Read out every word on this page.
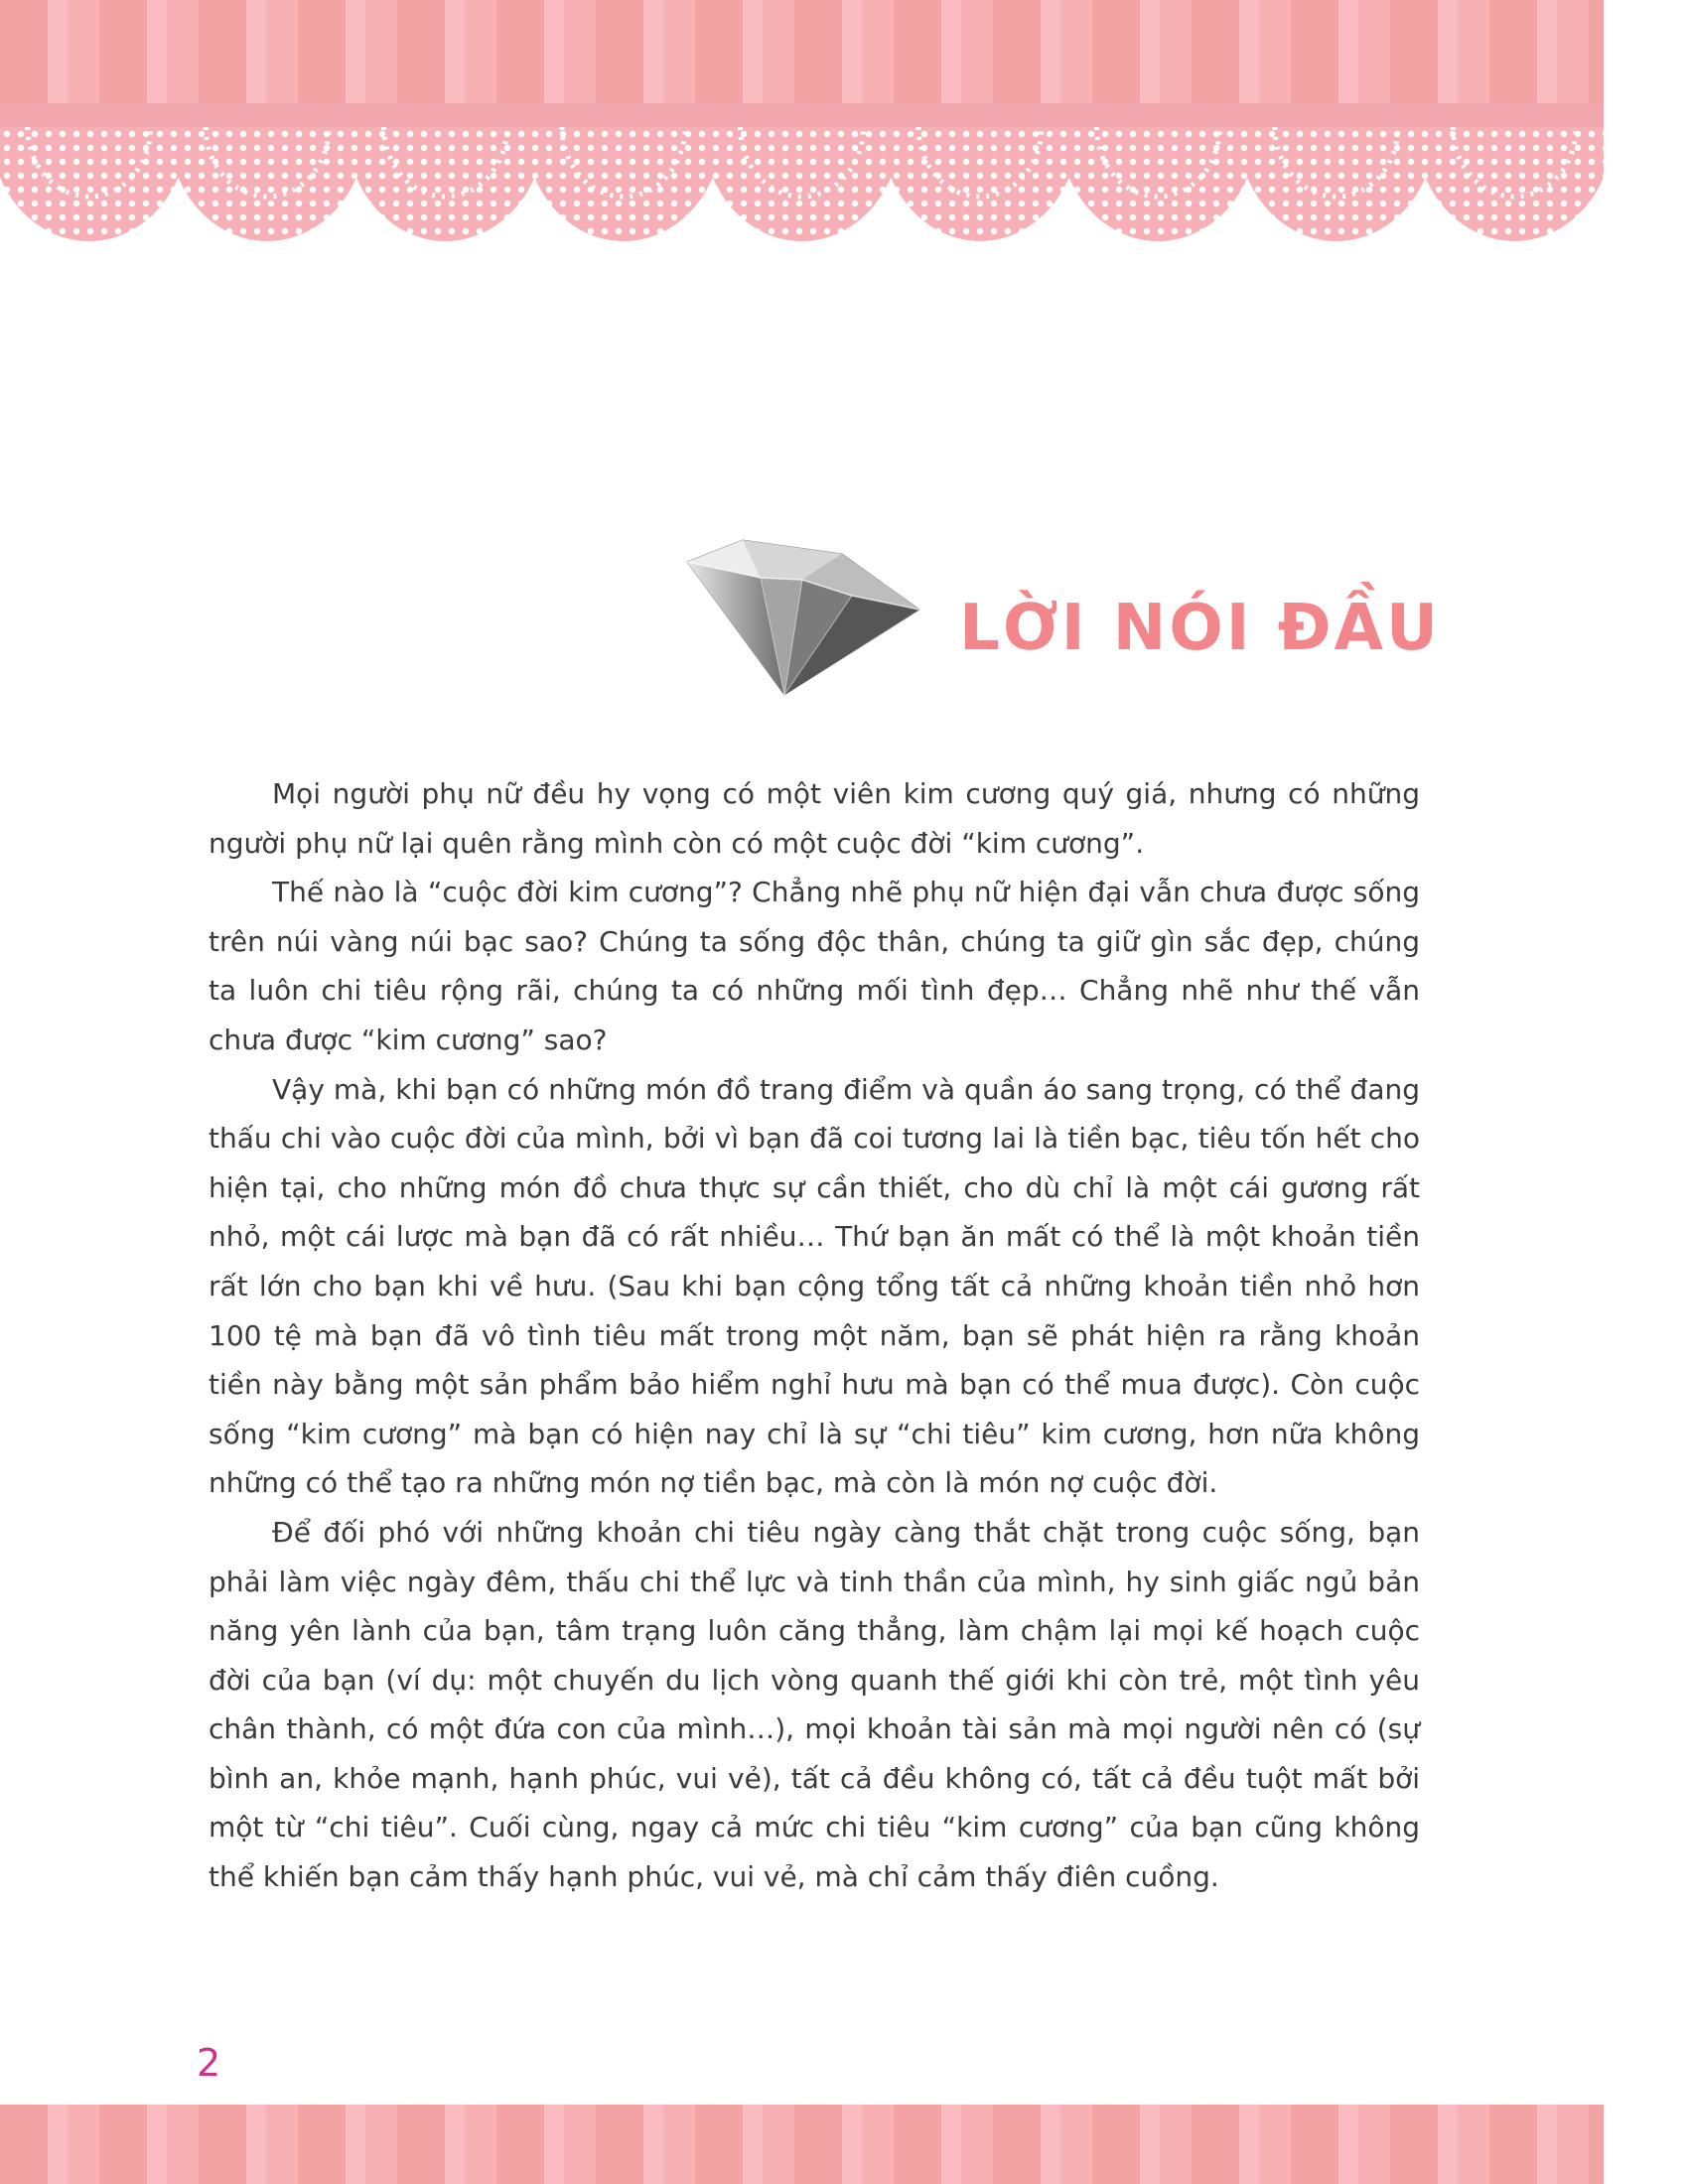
LỜI NÓI ĐẦU

Mọi người phụ nữ đều hy vọng có một viên kim cương quý giá, nhưng có những người phụ nữ lại quên rằng mình còn có một cuộc đời “kim cương”.

Thế nào là “cuộc đời kim cương”? Chẳng nhẽ phụ nữ hiện đại vẫn chưa được sống trên núi vàng núi bạc sao? Chúng ta sống độc thân, chúng ta giữ gìn sắc đẹp, chúng ta luôn chi tiêu rộng rãi, chúng ta có những mối tình đẹp… Chẳng nhẽ như thế vẫn chưa được “kim cương” sao?

Vậy mà, khi bạn có những món đồ trang điểm và quần áo sang trọng, có thể đang thấu chi vào cuộc đời của mình, bởi vì bạn đã coi tương lai là tiền bạc, tiêu tốn hết cho hiện tại, cho những món đồ chưa thực sự cần thiết, cho dù chỉ là một cái gương rất nhỏ, một cái lược mà bạn đã có rất nhiều… Thứ bạn ăn mất có thể là một khoản tiền rất lớn cho bạn khi về hưu. (Sau khi bạn cộng tổng tất cả những khoản tiền nhỏ hơn 100 tệ mà bạn đã vô tình tiêu mất trong một năm, bạn sẽ phát hiện ra rằng khoản tiền này bằng một sản phẩm bảo hiểm nghỉ hưu mà bạn có thể mua được). Còn cuộc sống “kim cương” mà bạn có hiện nay chỉ là sự “chi tiêu” kim cương, hơn nữa không những có thể tạo ra những món nợ tiền bạc, mà còn là món nợ cuộc đời.

Để đối phó với những khoản chi tiêu ngày càng thắt chặt trong cuộc sống, bạn phải làm việc ngày đêm, thấu chi thể lực và tinh thần của mình, hy sinh giấc ngủ bản năng yên lành của bạn, tâm trạng luôn căng thẳng, làm chậm lại mọi kế hoạch cuộc đời của bạn (ví dụ: một chuyến du lịch vòng quanh thế giới khi còn trẻ, một tình yêu chân thành, có một đứa con của mình…), mọi khoản tài sản mà mọi người nên có (sự bình an, khỏe mạnh, hạnh phúc, vui vẻ), tất cả đều không có, tất cả đều tuột mất bởi một từ “chi tiêu”. Cuối cùng, ngay cả mức chi tiêu “kim cương” của bạn cũng không thể khiến bạn cảm thấy hạnh phúc, vui vẻ, mà chỉ cảm thấy điên cuồng.

2
